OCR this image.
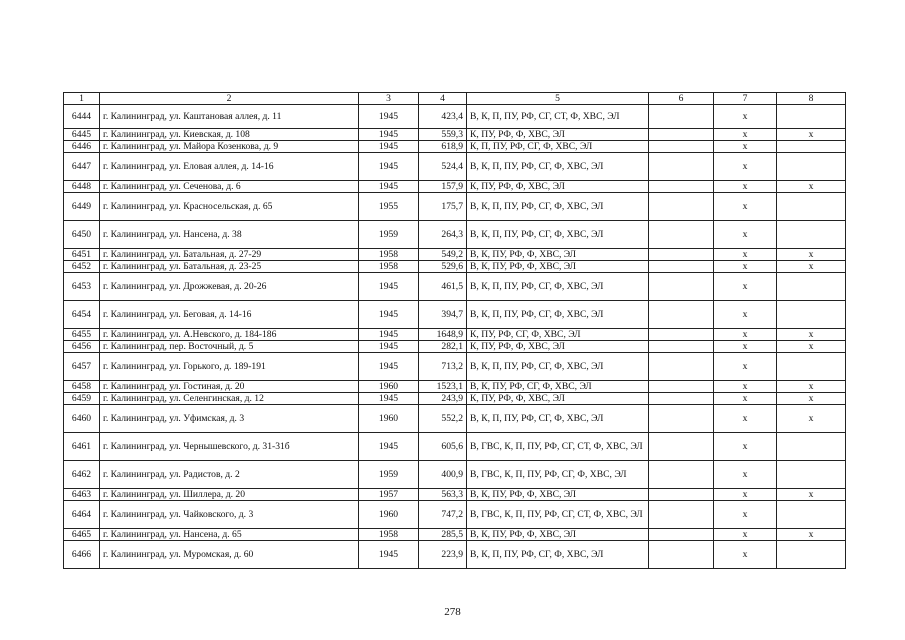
1	2	3	4	5	6	7	8
6444	г. Калининград, ул. Каштановая аллея, д. 11	1945	423,4	В, К, П, ПУ, РФ, СГ, СТ, Ф, ХВС, ЭЛ		х	
6445	г. Калининград, ул. Киевская, д. 108	1945	559,3	К, ПУ, РФ, Ф, ХВС, ЭЛ		х	х
6446	г. Калининград, ул. Майора Козенкова, д. 9	1945	618,9	К, П, ПУ, РФ, СГ, Ф, ХВС, ЭЛ		х	
6447	г. Калининград, ул. Еловая аллея, д. 14-16	1945	524,4	В, К, П, ПУ, РФ, СГ, Ф, ХВС, ЭЛ		х	
6448	г. Калининград, ул. Сеченова, д. 6	1945	157,9	К, ПУ, РФ, Ф, ХВС, ЭЛ		х	х
6449	г. Калининград, ул. Красносельская, д. 65	1955	175,7	В, К, П, ПУ, РФ, СГ, Ф, ХВС, ЭЛ		х	
6450	г. Калининград, ул. Нансена, д. 38	1959	264,3	В, К, П, ПУ, РФ, СГ, Ф, ХВС, ЭЛ		х	
6451	г. Калининград, ул. Батальная, д. 27-29	1958	549,2	В, К, ПУ, РФ, Ф, ХВС, ЭЛ		х	х
6452	г. Калининград, ул. Батальная, д. 23-25	1958	529,6	В, К, ПУ, РФ, Ф, ХВС, ЭЛ		х	х
6453	г. Калининград, ул. Дрожжевая, д. 20-26	1945	461,5	В, К, П, ПУ, РФ, СГ, Ф, ХВС, ЭЛ		х	
6454	г. Калининград, ул. Беговая, д. 14-16	1945	394,7	В, К, П, ПУ, РФ, СГ, Ф, ХВС, ЭЛ		х	
6455	г. Калининград, ул. А.Невского, д. 184-186	1945	1648,9	К, ПУ, РФ, СГ, Ф, ХВС, ЭЛ		х	х
6456	г. Калининград, пер. Восточный, д. 5	1945	282,1	К, ПУ, РФ, Ф, ХВС, ЭЛ		х	х
6457	г. Калининград, ул. Горького, д. 189-191	1945	713,2	В, К, П, ПУ, РФ, СГ, Ф, ХВС, ЭЛ		х	
6458	г. Калининград, ул. Гостиная, д. 20	1960	1523,1	В, К, ПУ, РФ, СГ, Ф, ХВС, ЭЛ		х	х
6459	г. Калининград, ул. Селенгинская, д. 12	1945	243,9	К, ПУ, РФ, Ф, ХВС, ЭЛ		х	х
6460	г. Калининград, ул. Уфимская, д. 3	1960	552,2	В, К, П, ПУ, РФ, СГ, Ф, ХВС, ЭЛ		х	х
6461	г. Калининград, ул. Чернышевского, д. 31-31б	1945	605,6	В, ГВС, К, П, ПУ, РФ, СГ, СТ, Ф, ХВС, ЭЛ		х	
6462	г. Калининград, ул. Радистов, д. 2	1959	400,9	В, ГВС, К, П, ПУ, РФ, СГ, Ф, ХВС, ЭЛ		х	
6463	г. Калининград, ул. Шиллера, д. 20	1957	563,3	В, К, ПУ, РФ, Ф, ХВС, ЭЛ		х	х
6464	г. Калининград, ул. Чайковского, д. 3	1960	747,2	В, ГВС, К, П, ПУ, РФ, СГ, СТ, Ф, ХВС, ЭЛ		х	
6465	г. Калининград, ул. Нансена, д. 65	1958	285,5	В, К, ПУ, РФ, Ф, ХВС, ЭЛ		х	х
6466	г. Калининград, ул. Муромская, д. 60	1945	223,9	В, К, П, ПУ, РФ, СГ, Ф, ХВС, ЭЛ		х	
278
